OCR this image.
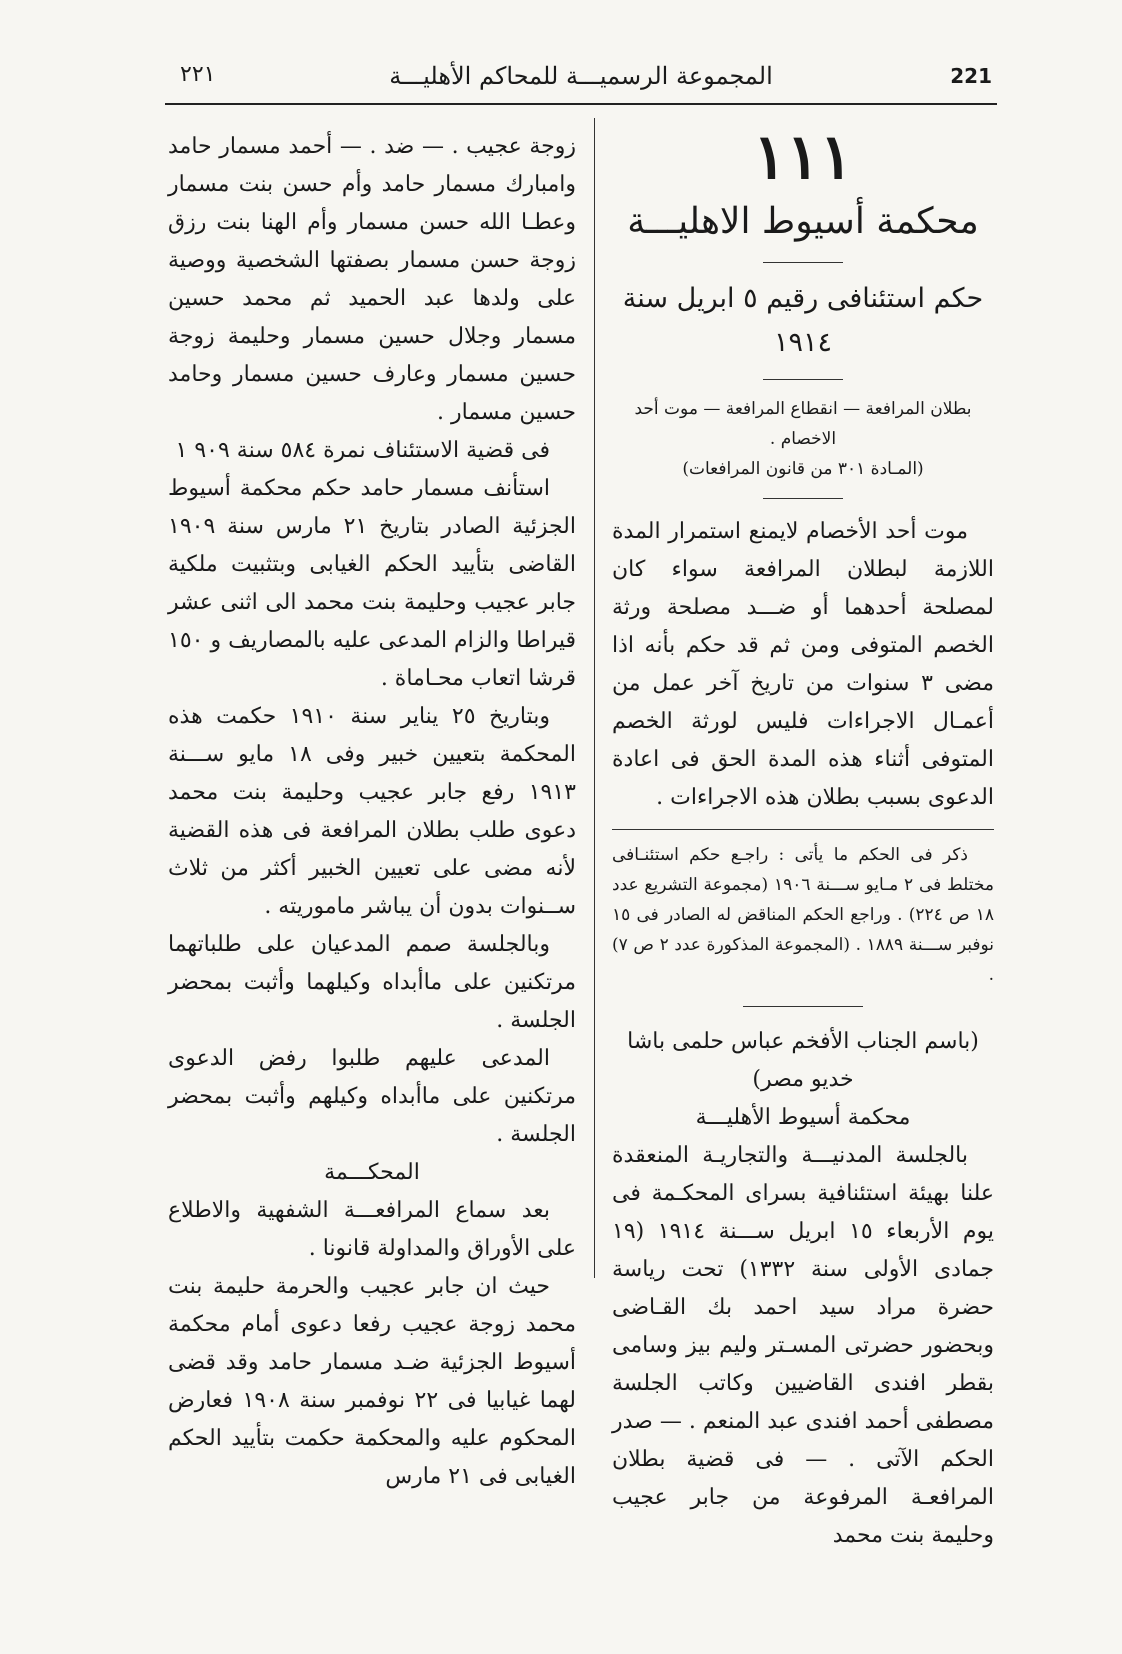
٢٢١	المجموعة الرسميـــة للمحاكم الأهليـــة	221
١١١
محكمة أسيوط الاهليـــة
حكم استئنافى رقيم ٥ ابريل سنة ١٩١٤
بطلان المرافعة — انقطاع المرافعة — موت أحد الاخصام .
(المـادة ٣٠١ من قانون المرافعات)

موت أحد الأخصام لايمنع استمرار المدة اللازمة لبطلان المرافعة سواء كان لمصلحة أحدهما أو ضـــد مصلحة ورثة الخصم المتوفى ومن ثم قد حكم بأنه اذا مضى ٣ سنوات من تاريخ آخر عمل من أعمـال الاجراءات فليس لورثة الخصم المتوفى أثناء هذه المدة الحق فى اعادة الدعوى بسبب بطلان هذه الاجراءات .

ذكر فى الحكم ما يأتى : راجـع حكم استئنـافى مختلط فى ٢ مـايو ســـنة ١٩٠٦ (مجموعة التشريع عدد ١٨ ص ٢٢٤) . وراجع الحكم المناقض له الصادر فى ١٥ نوفبر ســـنة ١٨٨٩ . (المجموعة المذكورة عدد ٢ ص ٧) .

(باسم الجناب الأفخم عباس حلمى باشا خديو مصر)

محكمة أسيوط الأهليـــة

بالجلسة المدنيـــة والتجاريـة المنعقدة علنا بهيئة استئنافية بسراى المحكـمة فى يوم الأربعاء ١٥ ابريل ســـنة ١٩١٤ (١٩ جمادى الأولى سنة ١٣٣٢) تحت رياسة حضرة مراد سيد احمد بك القـاضى وبحضور حضرتى المسـتر وليم بيز وسامى بقطر افندى القاضيين وكاتب الجلسة مصطفى أحمد افندى عبد المنعم . — صدر الحكم الآتى . — فى قضية بطلان المرافعـة المرفوعة من جابر عجيب وحليمة بنت محمد

زوجة عجيب . — ضد . — أحمد مسمار حامد وامبارك مسمار حامد وأم حسن بنت مسمار وعطـا الله حسن مسمار وأم الهنا بنت رزق زوجة حسن مسمار بصفتها الشخصية ووصية على ولدها عبد الحميد ثم محمد حسين مسمار وجلال حسين مسمار وحليمة زوجة حسين مسمار وعارف حسين مسمار وحامد حسين مسمار .

فى قضية الاستئناف نمرة ٥٨٤ سنة ٩٠٩ ١

استأنف مسمار حامد حكم محكمة أسيوط الجزئية الصادر بتاريخ ٢١ مارس سنة ١٩٠٩ القاضى بتأييد الحكم الغيابى وبتثبيت ملكية جابر عجيب وحليمة بنت محمد الى اثنى عشر قيراطا والزام المدعى عليه بالمصاريف و ١٥٠ قرشا اتعاب محـاماة .

وبتاريخ ٢٥ يناير سنة ١٩١٠ حكمت هذه المحكمة بتعيين خبير وفى ١٨ مايو ســـنة ١٩١٣ رفع جابر عجيب وحليمة بنت محمد دعوى طلب بطلان المرافعة فى هذه القضية لأنه مضى على تعيين الخبير أكثر من ثلاث ســنوات بدون أن يباشر ماموريته .

وبالجلسة صمم المدعيان على طلباتهما مرتكنين على ماأبداه وكيلهما وأثبت بمحضر الجلسة .

المدعى عليهم طلبوا رفض الدعوى مرتكنين على ماأبداه وكيلهم وأثبت بمحضر الجلسة .

المحكـــمة

بعد سماع المرافعـــة الشفهية والاطلاع على الأوراق والمداولة قانونا .

حيث ان جابر عجيب والحرمة حليمة بنت محمد زوجة عجيب رفعا دعوى أمام محكمة أسيوط الجزئية ضـد مسمار حامد وقد قضى لهما غيابيا فى ٢٢ نوفمبر سنة ١٩٠٨ فعارض المحكوم عليه والمحكمة حكمت بتأييد الحكم الغيابى فى ٢١ مارس
